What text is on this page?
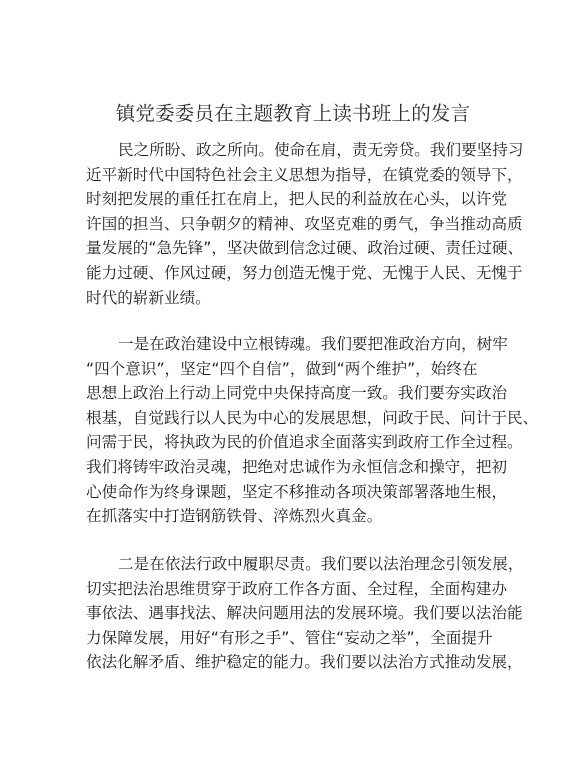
镇党委委员在主题教育上读书班上的发言

民之所盼、政之所向。使命在肩，责无旁贷。我们要坚持习
近平新时代中国特色社会主义思想为指导，在镇党委的领导下，
时刻把发展的重任扛在肩上，把人民的利益放在心头，以许党
许国的担当、只争朝夕的精神、攻坚克难的勇气，争当推动高质
量发展的“急先锋”，坚决做到信念过硬、政治过硬、责任过硬、
能力过硬、作风过硬，努力创造无愧于党、无愧于人民、无愧于
时代的崭新业绩。

一是在政治建设中立根铸魂。我们要把准政治方向，树牢
“四个意识”，坚定“四个自信”，做到“两个维护”，始终在
思想上政治上行动上同党中央保持高度一致。我们要夯实政治
根基，自觉践行以人民为中心的发展思想，问政于民、问计于民、
问需于民，将执政为民的价值追求全面落实到政府工作全过程。
我们将铸牢政治灵魂，把绝对忠诚作为永恒信念和操守，把初
心使命作为终身课题，坚定不移推动各项决策部署落地生根，
在抓落实中打造钢筋铁骨、淬炼烈火真金。

二是在依法行政中履职尽责。我们要以法治理念引领发展，
切实把法治思维贯穿于政府工作各方面、全过程，全面构建办
事依法、遇事找法、解决问题用法的发展环境。我们要以法治能
力保障发展，用好“有形之手”、管住“妄动之举”，全面提升
依法化解矛盾、维护稳定的能力。我们要以法治方式推动发展，
